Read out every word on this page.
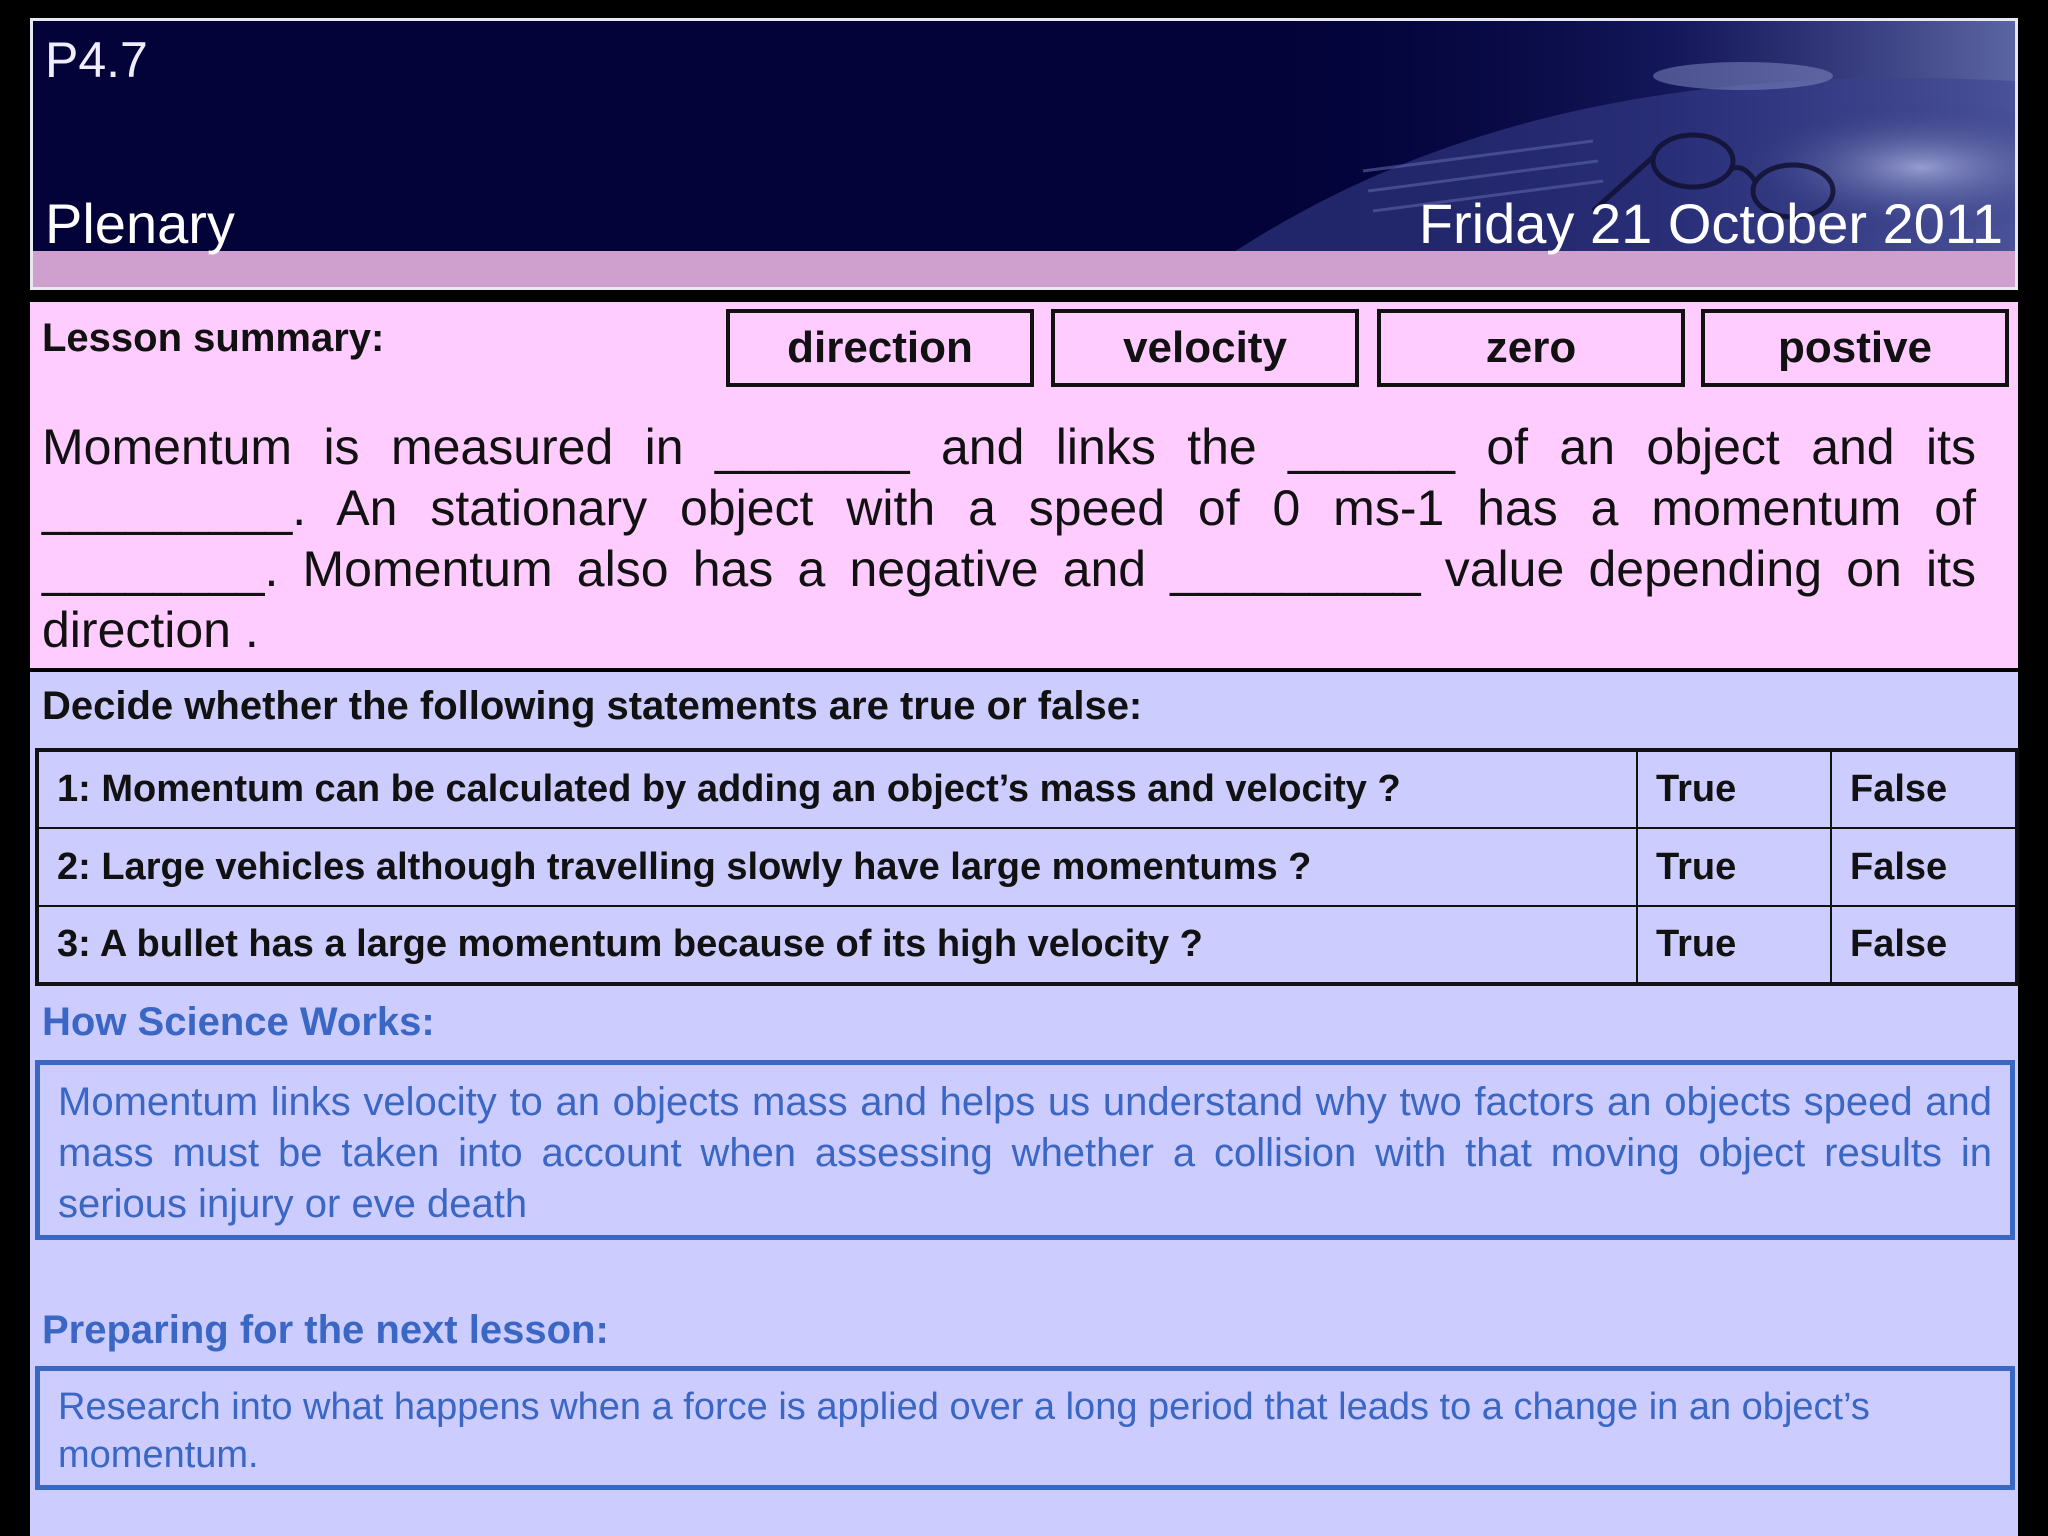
P4.7
Plenary	Friday 21 October 2011
Lesson summary:	direction	velocity	zero	postive
Momentum is measured in _______ and links the ______ of an object and its _________. An stationary object with a speed of 0 ms-1 has a momentum of ________. Momentum also has a negative and _________ value depending on its direction .
Decide whether the following statements are true or false:
1: Momentum can be calculated by adding an object’s mass and velocity ?	True	False
2: Large vehicles although travelling slowly have large momentums ?	True	False
3: A bullet has a large momentum because of its high velocity ?	True	False
How Science Works:
Momentum links velocity to an objects mass and helps us understand why two factors an objects speed and mass must be taken into account when assessing whether a collision with that moving object results in serious injury or eve death
Preparing for the next lesson:
Research into what happens when a force is applied over a long period that leads to a change in an object’s momentum.
